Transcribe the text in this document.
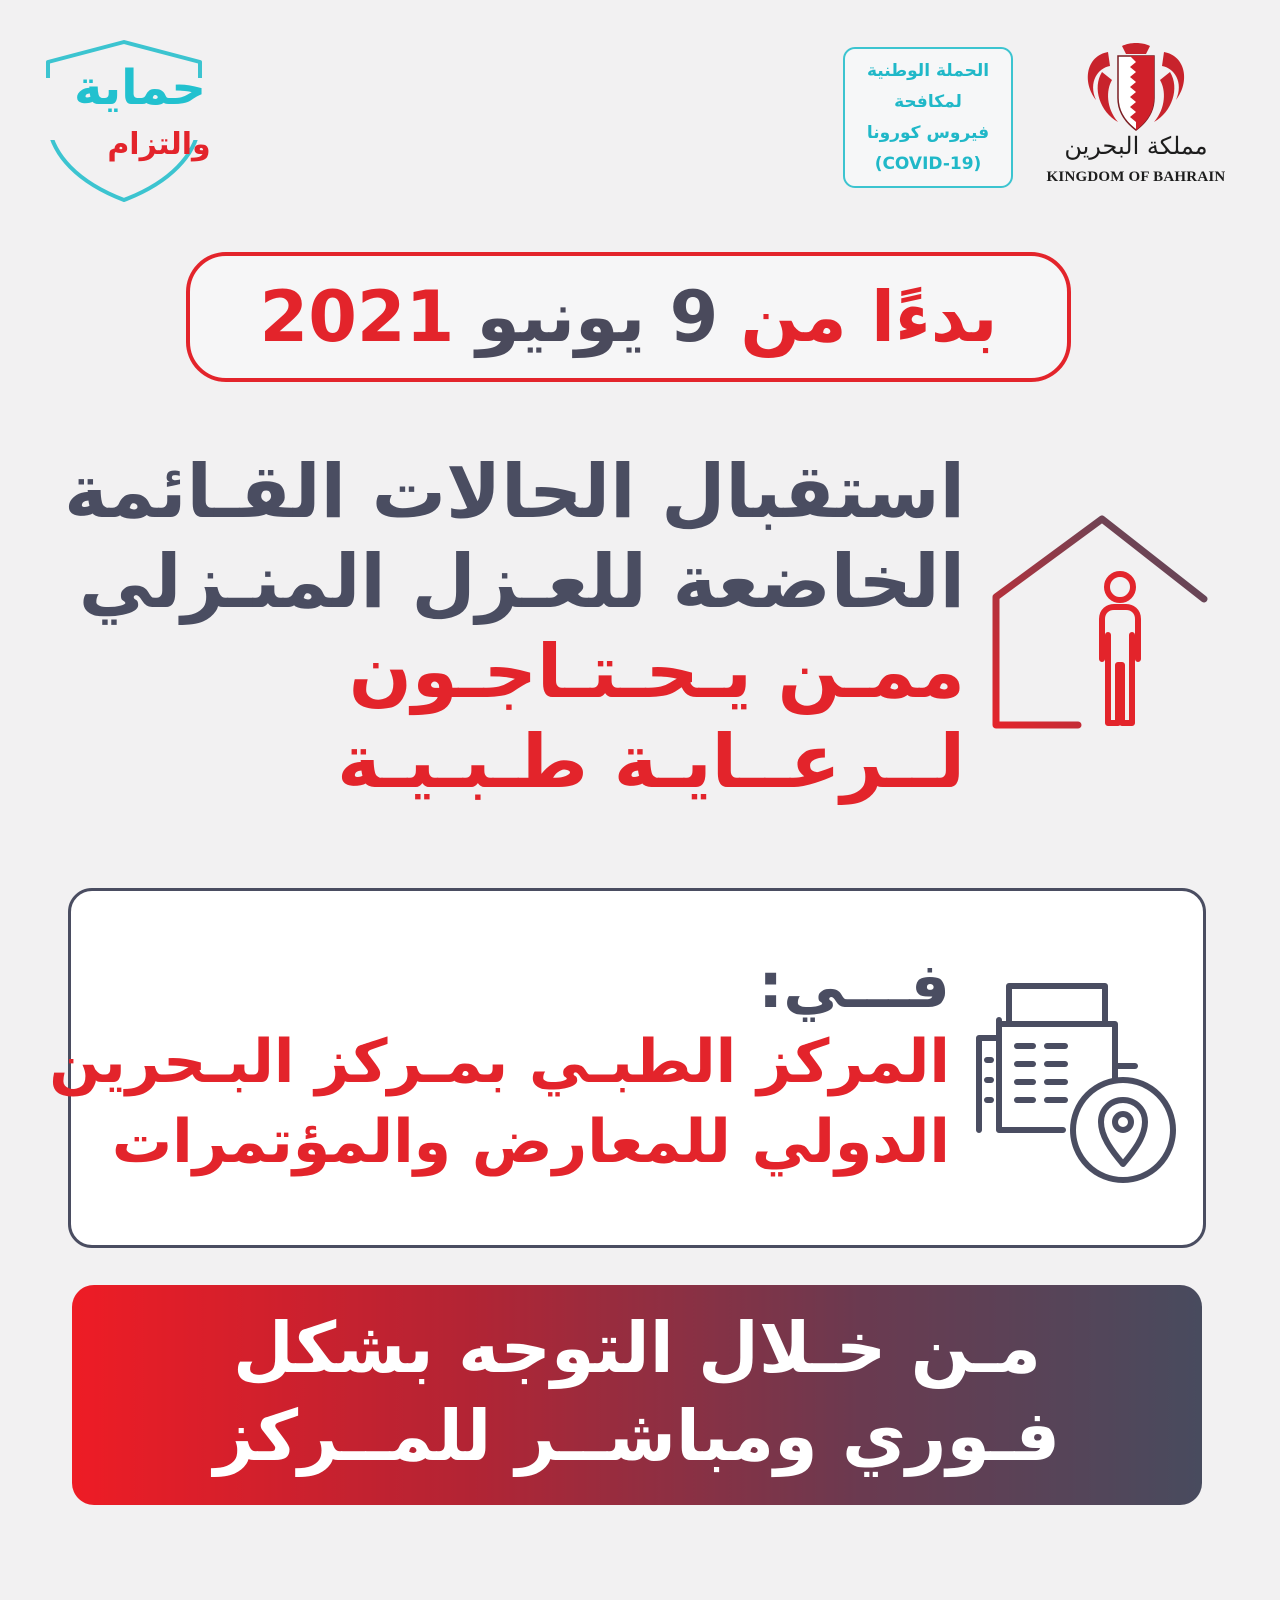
حماية
والتزام
الحملة الوطنية
لمكافحة
فيروس كورونا
(COVID-19)
مملكة البحرين
KINGDOM OF BAHRAIN
بدءًا من
9 يونيو
2021
استقبال الحالات القـائمة
الخاضعة للعـزل المنـزلي
ممـن يـحـتـاجـون
لــرعــايـة طـبـيـة
فـــي:
المركز الطبـي بمـركز البـحرين
الدولي للمعارض والمؤتمرات
مـن خـلال التوجه بشكل
فـوري ومباشــر للمــركز
